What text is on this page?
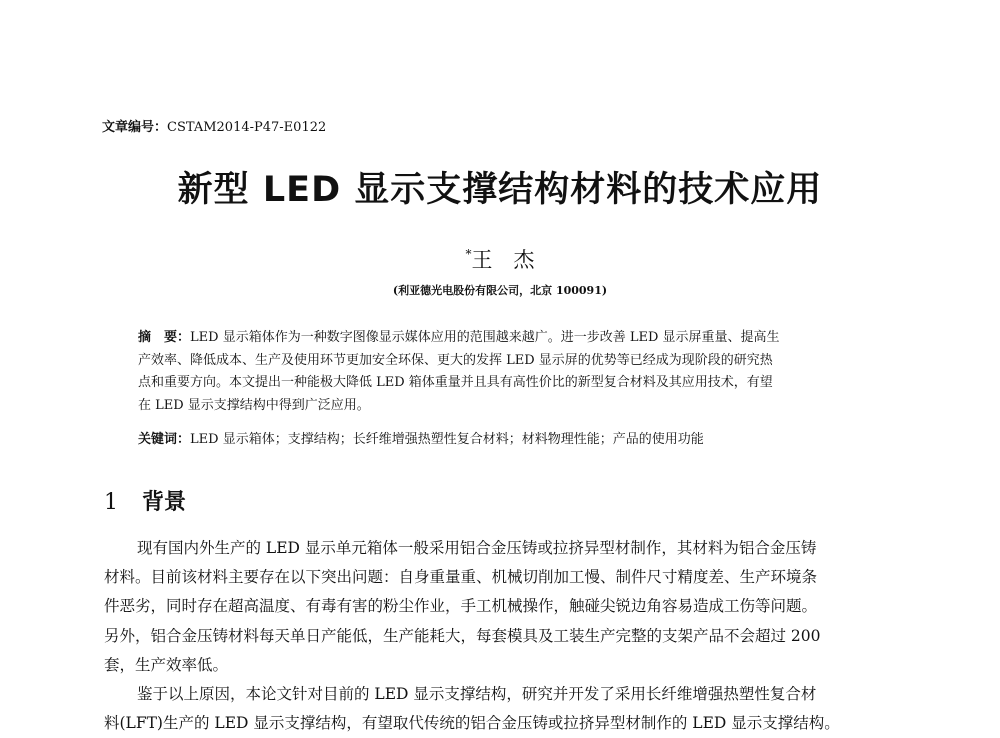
文章编号：CSTAM2014-P47-E0122
新型 LED 显示支撑结构材料的技术应用
*王　杰
(利亚德光电股份有限公司，北京 100091)
摘　要：LED 显示箱体作为一种数字图像显示媒体应用的范围越来越广。进一步改善 LED 显示屏重量、提高生
产效率、降低成本、生产及使用环节更加安全环保、更大的发挥 LED 显示屏的优势等已经成为现阶段的研究热
点和重要方向。本文提出一种能极大降低 LED 箱体重量并且具有高性价比的新型复合材料及其应用技术，有望
在 LED 显示支撑结构中得到广泛应用。
关键词：LED 显示箱体；支撑结构；长纤维增强热塑性复合材料；材料物理性能；产品的使用功能
1 背景
现有国内外生产的 LED 显示单元箱体一般采用铝合金压铸或拉挤异型材制作，其材料为铝合金压铸
材料。目前该材料主要存在以下突出问题：自身重量重、机械切削加工慢、制件尺寸精度差、生产环境条
件恶劣，同时存在超高温度、有毒有害的粉尘作业，手工机械操作，触碰尖锐边角容易造成工伤等问题。
另外，铝合金压铸材料每天单日产能低，生产能耗大，每套模具及工装生产完整的支架产品不会超过 200
套，生产效率低。
鉴于以上原因，本论文针对目前的 LED 显示支撑结构，研究并开发了采用长纤维增强热塑性复合材
料(LFT)生产的 LED 显示支撑结构，有望取代传统的铝合金压铸或拉挤异型材制作的 LED 显示支撑结构。
